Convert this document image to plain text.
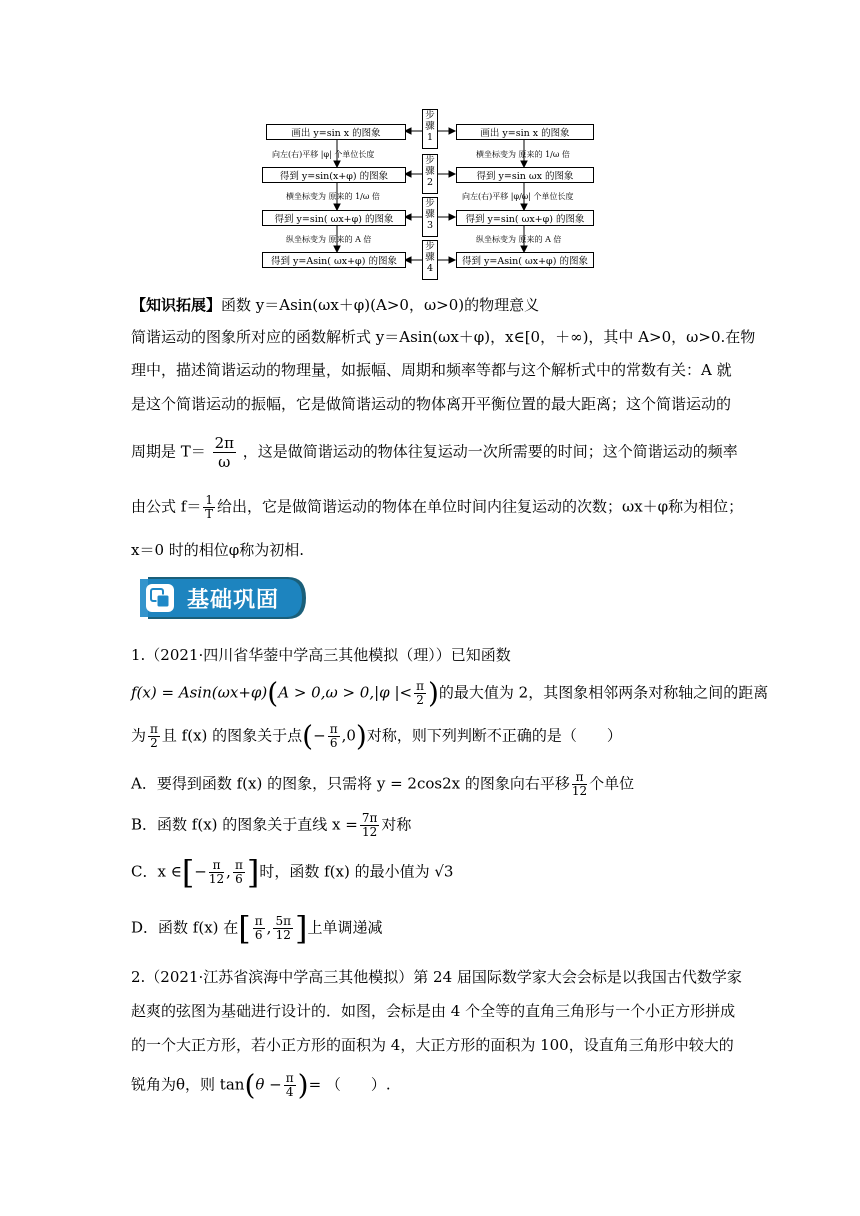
画出 y=sin x 的图象
得到 y=sin(x+φ) 的图象
得到 y=sin( ωx+φ) 的图象
得到 y=Asin( ωx+φ) 的图象
画出 y=sin x 的图象
得到 y=sin ωx 的图象
得到 y=sin( ωx+φ) 的图象
得到 y=Asin( ωx+φ) 的图象
步骤1
步骤2
步骤3
步骤4
向左(右)平移 |φ| 个单位长度
横坐标变为 原来的 1/ω 倍
纵坐标变为 原来的 A 倍
横坐标变为 原来的 1/ω 倍
向左(右)平移 |φ/ω| 个单位长度
纵坐标变为 原来的 A 倍
【知识拓展】函数 y＝Asin(ωx＋φ)(A>0，ω>0)的物理意义
简谐运动的图象所对应的函数解析式 y＝Asin(ωx＋φ)，x∈[0，＋∞)，其中 A>0，ω>0.在物
理中，描述简谐运动的物理量，如振幅、周期和频率等都与这个解析式中的常数有关：A 就
是这个简谐运动的振幅，它是做简谐运动的物体离开平衡位置的最大距离；这个简谐运动的
周期是 $T= \frac{2\pi}{\omega}$ ，这是做简谐运动的物体往复运动一次所需要的时间；这个简谐运动的频率
由公式 $f= \frac{1}{T}$ 给出，它是做简谐运动的物体在单位时间内往复运动的次数；ωx＋φ称为相位；
x＝0 时的相位φ称为初相.
基础巩固
1.（2021·四川省华蓥中学高三其他模拟（理））已知函数
f(x) = Asin(ωx+φ)(A > 0,ω > 0,|φ |< $\frac{\pi}{2}$ )的最大值为 2，其图象相邻两条对称轴之间的距离
为 $\frac{\pi}{2}$ 且 f(x) 的图象关于点(− $\frac{\pi}{6} ,0$)对称，则下列判断不正确的是（　　）
A．要得到函数 f(x) 的图象，只需将 y = 2cos2x 的图象向右平移 $\frac{\pi}{12}$ 个单位
B．函数 f(x) 的图象关于直线 $x = \frac{7\pi}{12}$ 对称
C．x ∈[− $\frac{\pi}{12}$ , $\frac{\pi}{6}$ ]时，函数 f(x) 的最小值为 √3
D．函数 f(x) 在[ $\frac{\pi}{6}$ , $\frac{5\pi}{12}$ ]上单调递减
2.（2021·江苏省滨海中学高三其他模拟）第 24 届国际数学家大会会标是以我国古代数学家
赵爽的弦图为基础进行设计的．如图，会标是由 4 个全等的直角三角形与一个小正方形拼成
的一个大正方形，若小正方形的面积为 4，大正方形的面积为 100，设直角三角形中较大的
锐角为θ，则 $\tan(\theta - \frac{\pi}{4}$ )= （　　）.
